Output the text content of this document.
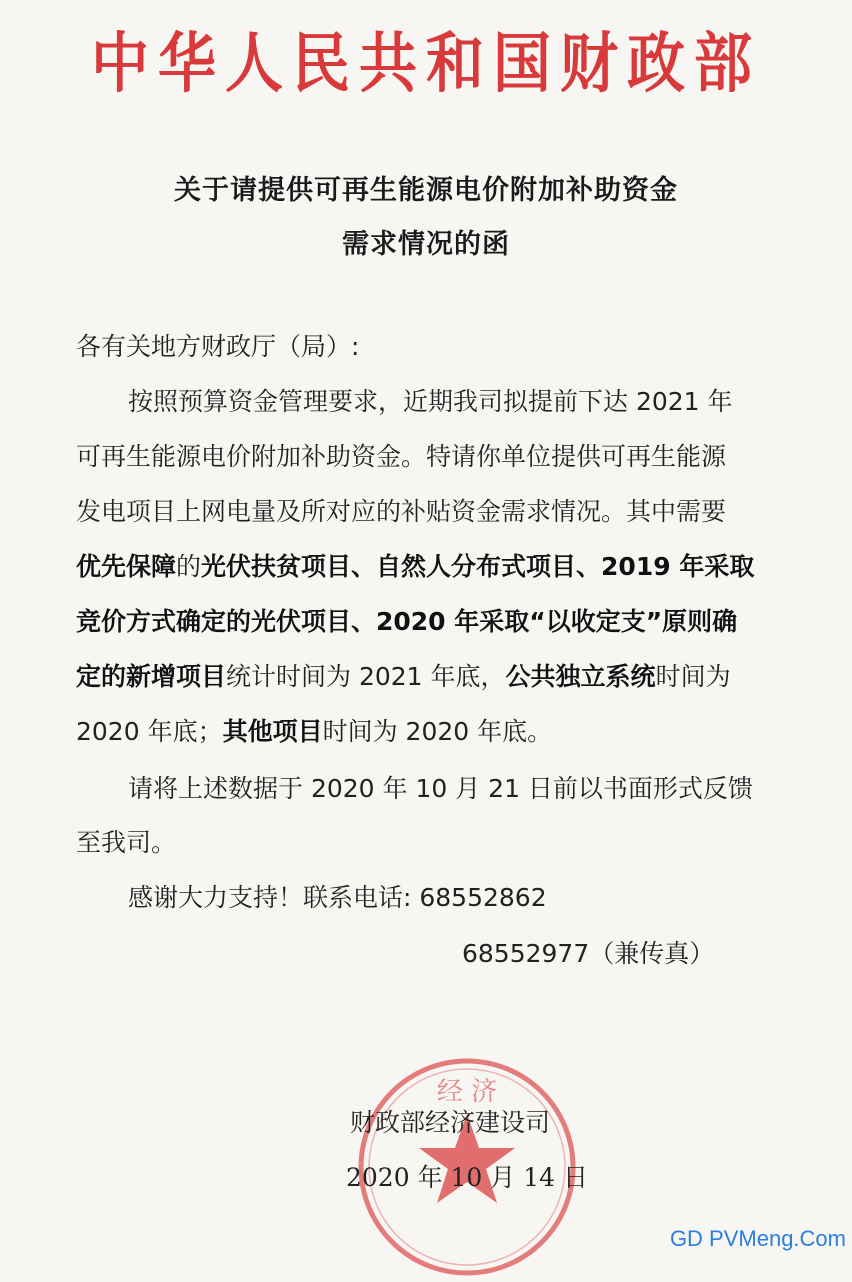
中华人民共和国财政部
关于请提供可再生能源电价附加补助资金
需求情况的函
各有关地方财政厅（局）:
按照预算资金管理要求，近期我司拟提前下达 2021 年
可再生能源电价附加补助资金。特请你单位提供可再生能源
发电项目上网电量及所对应的补贴资金需求情况。其中需要
优先保障的光伏扶贫项目、自然人分布式项目、2019 年采取
竞价方式确定的光伏项目、2020 年采取“以收定支”原则确
定的新增项目统计时间为 2021 年底，公共独立系统时间为
2020 年底；其他项目时间为 2020 年底。
请将上述数据于 2020 年 10 月 21 日前以书面形式反馈
至我司。
感谢大力支持！联系电话: 68552862
68552977（兼传真）
经 济
财政部经济建设司
2020 年 10 月 14 日
GD PVMeng.Com
